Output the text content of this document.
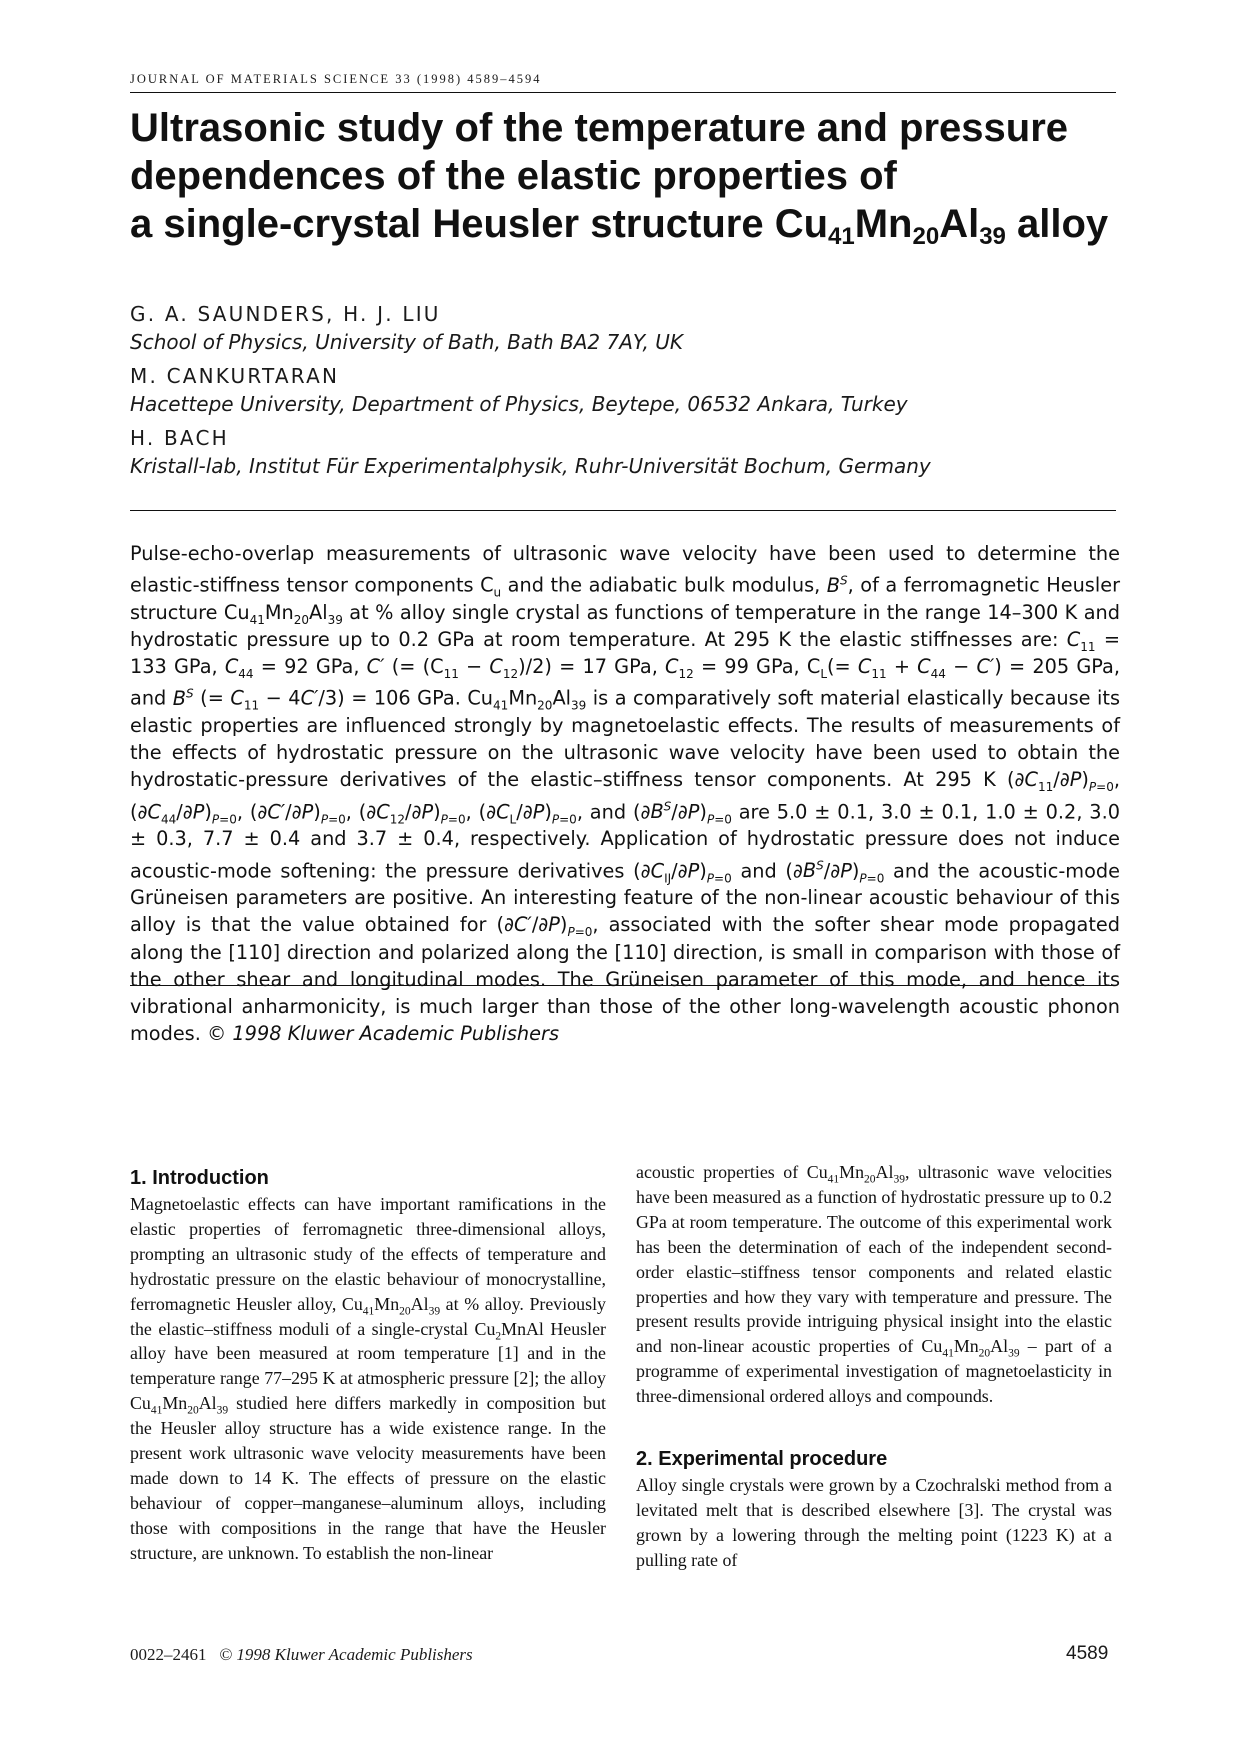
JOURNAL OF MATERIALS SCIENCE 33 (1998) 4589–4594
Ultrasonic study of the temperature and pressure
dependences of the elastic properties of
a single-crystal Heusler structure $Cu_{41}Mn_{20}Al_{39}$ alloy
G. A. SAUNDERS, H. J. LIU
School of Physics, University of Bath, Bath BA2 7AY, UK
M. CANKURTARAN
Hacettepe University, Department of Physics, Beytepe, 06532 Ankara, Turkey
H. BACH
Kristall-lab, Institut Für Experimentalphysik, Ruhr-Universität Bochum, Germany
Pulse-echo-overlap measurements of ultrasonic wave velocity have been used to determine the elastic-stiffness tensor components $C_u$ and the adiabatic bulk modulus, $B^S$, of a ferromagnetic Heusler structure $Cu_{41}Mn_{20}Al_{39}$ at % alloy single crystal as functions of temperature in the range 14–300 K and hydrostatic pressure up to 0.2 GPa at room temperature. At 295 K the elastic stiffnesses are: $C_{11} = 133$ GPa, $C_{44} = 92$ GPa, C′ (= $(C_{11} - C_{12})/2) = 17$ GPa, $C_{12} = 99$ GPa, $C_L(= C_{11} + C_{44} - C') = 205$ GPa, and $B^S$ (= $C_{11} - 4C'/3) = 106$ GPa. $Cu_{41}Mn_{20}Al_{39}$ is a comparatively soft material elastically because its elastic properties are influenced strongly by magnetoelastic effects. The results of measurements of the effects of hydrostatic pressure on the ultrasonic wave velocity have been used to obtain the hydrostatic-pressure derivatives of the elastic–stiffness tensor components. At 295 K $(\partial C_{11}/\partial P)_{P=0}$, $(\partial C_{44}/\partial P)_{P=0}$, $(\partial C'/\partial P)_{P=0}$, $(\partial C_{12}/\partial P)_{P=0}$, $(\partial C_L/\partial P)_{P=0}$, and $(\partial B^S/\partial P)_{P=0}$ are 5.0 ± 0.1, 3.0 ± 0.1, 1.0 ± 0.2, 3.0 ± 0.3, 7.7 ± 0.4 and 3.7 ± 0.4, respectively. Application of hydrostatic pressure does not induce acoustic-mode softening: the pressure derivatives $(\partial C_{IJ}/\partial P)_{P=0}$ and $(\partial B^S/\partial P)_{P=0}$ and the acoustic-mode Grüneisen parameters are positive. An interesting feature of the non-linear acoustic behaviour of this alloy is that the value obtained for $(\partial C'/\partial P)_{P=0}$, associated with the softer shear mode propagated along the [110] direction and polarized along the [110] direction, is small in comparison with those of the other shear and longitudinal modes. The Grüneisen parameter of this mode, and hence its vibrational anharmonicity, is much larger than those of the other long-wavelength acoustic phonon modes. © 1998 Kluwer Academic Publishers
1. Introduction

Magnetoelastic effects can have important ramifications in the elastic properties of ferromagnetic three-dimensional alloys, prompting an ultrasonic study of the effects of temperature and hydrostatic pressure on the elastic behaviour of monocrystalline, ferromagnetic Heusler alloy, $Cu_{41}Mn_{20}Al_{39}$ at % alloy. Previously the elastic–stiffness moduli of a single-crystal $Cu_2MnAl$ Heusler alloy have been measured at room temperature [1] and in the temperature range 77–295 K at atmospheric pressure [2]; the alloy $Cu_{41}Mn_{20}Al_{39}$ studied here differs markedly in composition but the Heusler alloy structure has a wide existence range. In the present work ultrasonic wave velocity measurements have been made down to 14 K. The effects of pressure on the elastic behaviour of copper–manganese–aluminum alloys, including those with compositions in the range that have the Heusler structure, are unknown. To establish the non-linear

acoustic properties of $Cu_{41}Mn_{20}Al_{39}$, ultrasonic wave velocities have been measured as a function of hydrostatic pressure up to 0.2 GPa at room temperature. The outcome of this experimental work has been the determination of each of the independent second-order elastic–stiffness tensor components and related elastic properties and how they vary with temperature and pressure. The present results provide intriguing physical insight into the elastic and non-linear acoustic properties of $Cu_{41}Mn_{20}Al_{39}$ – part of a programme of experimental investigation of magnetoelasticity in three-dimensional ordered alloys and compounds.

2. Experimental procedure

Alloy single crystals were grown by a Czochralski method from a levitated melt that is described elsewhere [3]. The crystal was grown by a lowering through the melting point (1223 K) at a pulling rate of

0022–2461 © 1998 Kluwer Academic Publishers	4589
